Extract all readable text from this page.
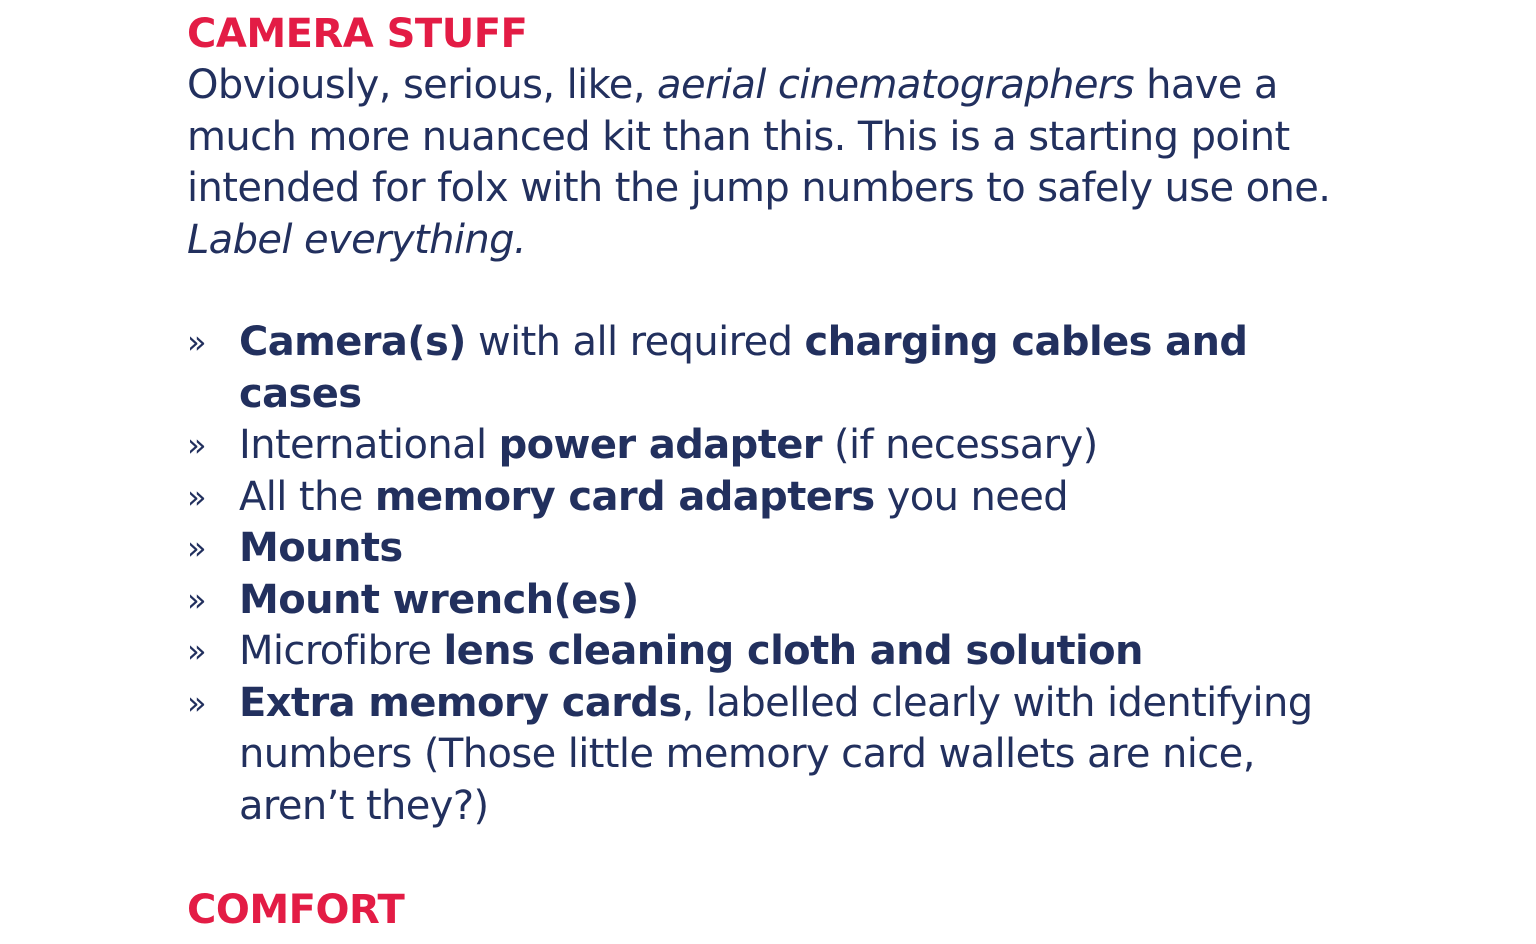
CAMERA STUFF

Obviously, serious, like, aerial cinematographers have a much more nuanced kit than this. This is a starting point intended for folx with the jump numbers to safely use one. Label everything.

» Camera(s) with all required charging cables and cases
» International power adapter (if necessary)
» All the memory card adapters you need
» Mounts
» Mount wrench(es)
» Microfibre lens cleaning cloth and solution
» Extra memory cards, labelled clearly with identifying numbers (Those little memory card wallets are nice, aren’t they?)
COMFORT
